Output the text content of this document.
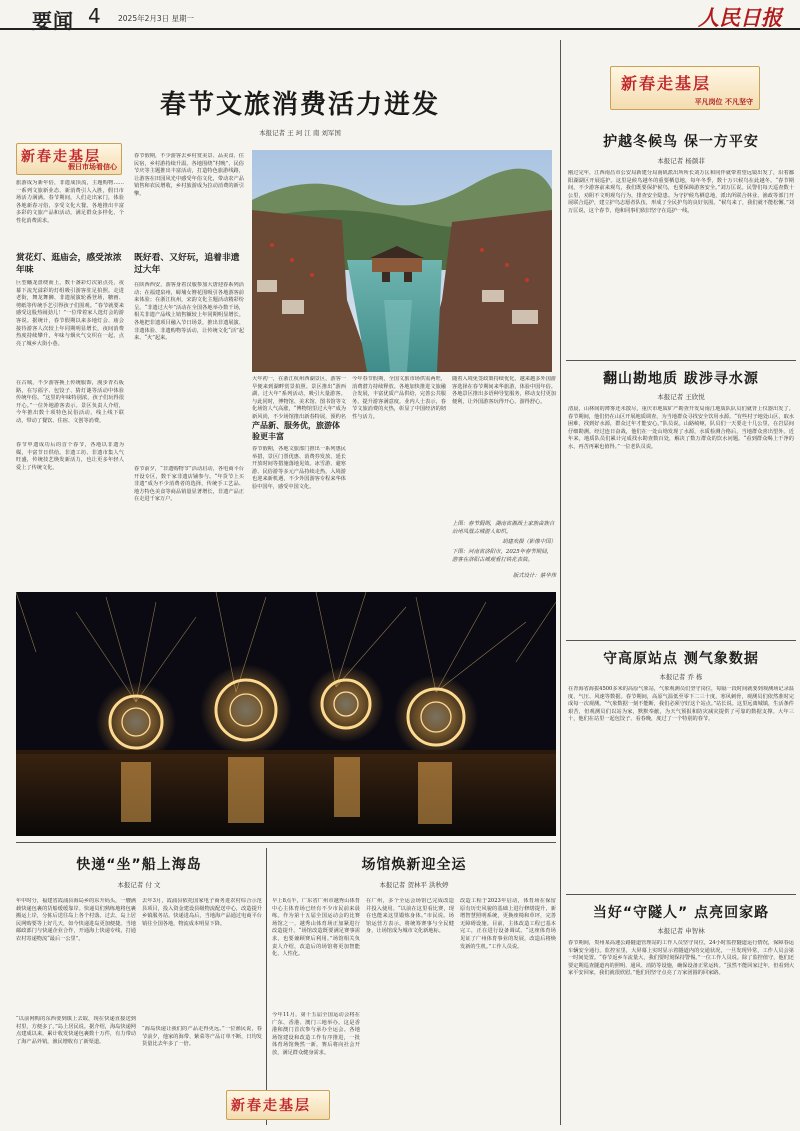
要闻 4 2025年2月3日 星期一	人民日报
春节文旅消费活力迸发
本报记者 王 珂 江 南 刘军国
新春走基层
假日市场看信心
旅游成为新年俗，非遗成顶流，主题购物…… 一系列文旅新业态、新消费引人入胜，假日市场活力满满。春节期间，人们走出家门，体验各地新春习俗，享受文化大餐。各地推出丰富多彩的文旅产品和活动，满足群众多样化、个性化消费需求。
赏花灯、逛庙会，感受浓浓年味
巨型蟠龙盘绕而上，数十盏彩灯次第点亮，夜幕下流光溢彩的灯组吸引游客驻足拍照。走进老街，舞龙舞狮、非遗展演轮番登场，糖画、剪纸等传统手艺引得孩子们围观。“春节就要来感受这股热闹劲儿！”一位带着家人逛灯会的游客说。据统计，春节假期以来多地灯会、庙会接待游客人次较上年同期明显增长，夜间消费热度持续攀升，年味与烟火气交织在一起，点亮了城乡大街小巷。
在古城，不少游客换上传统服饰，漫步青石板路，在写福字、包饺子、猜灯谜等活动中体验传统年俗。“这里的年味特别浓，孩子们玩得很开心。”一位外地游客表示。景区负责人介绍，今年推出数十项特色民俗活动，线上线下联动，带动了餐饮、住宿、文创等消费。
春节申遗成功后的首个春节，各地以非遗为媒，丰富节日供给。非遗工坊、非遗市集人气旺盛，传统技艺焕发新活力，也让更多年轻人爱上了传统文化。
春节假期，不少游客去乡村赏美景、品美食、住民宿，乡村游持续升温。各地围绕“村晚”、民俗节庆等主题推出丰富活动，打造特色旅游线路，让游客在田园风光中感受年俗文化，带动农产品销售和农民增收，乡村旅游成为拉动消费的新引擎。
既好看、又好玩，追着非遗过大年
在陕西西安，游客身着汉服参加大唐迎春系列活动；在福建泉州，蟳埔女簪花围吸引各地游客前来体验；在浙江杭州，宋韵文化主题活动精彩纷呈。“非遗过大年”活动在全国各地举办数千场，相关非遗产品线上销售额较上年同期明显增长。各地把非遗项目融入节日场景，推出非遗展演、非遗体验、非遗购物等活动，让传统文化“活”起来、“火”起来。
春节前夕，“非遗购物节”活动启动，各电商平台开设专区，数千家非遗店铺参与。“年货节上买非遗”成为不少消费者的选择，传统手工艺品、地方特色美食等商品销量显著增长，非遗产品正在走进千家万户。
大年初一，在浙江杭州西湖景区，游客一早便来到湖畔赏景拍照。景区推出“游西湖、过大年”系列活动，吸引大量游客。与此同时，博物馆、美术馆、图书馆等文化场馆人气高涨，“博物馆里过大年”成为新风尚，不少场馆推出新春特展，预约名
产品新、服务优，旅游体验更丰富
春节假期，各地文旅部门推出一系列惠民举措，景区门票优惠、消费券发放、延长开放时间等措施落地见效。冰雪游、避寒游、民俗游等多元产品持续走热，入境游也迎来新机遇，不少外国游客专程来华体验中国年，感受中国文化。
今年春节假期，全国文旅市场供需两旺，消费潜力持续释放。各地加快推进文旅融合发展，丰富优质产品供给，完善公共服务，提升游客满意度。业内人士表示，春节文旅消费的火热，彰显了中国经济的韧性与活力。
随着入境免签政策持续优化，越来越多外国游客选择在春节期间来华旅游，体验中国年俗。各地景区推出多语种导览服务，移动支付更加便利，让外国游客玩得开心、游得舒心。
上图：春节假期，湖南省湘西土家族苗族自治州凤凰古城游人如织。
胡建欢摄（影像中国）
下图：河南省洛阳市，2025年春节期间，游客在洛阳古城观看打铁花表演。
版式设计：蔡华伟
快递“坐”船上海岛
本报记者 付 文
年中时分，福建省霞浦县海岛乡的东升码头，一艘满载快递包裹的货船缓缓靠岸。快递员们熟练地将包裹搬运上岸，分拣后送往岛上各个村落。过去，岛上居民网购要等上好几天，如今快递进岛更加便捷。当地邮政部门与快递企业合作，开通海上快递专线，打通农村寄递物流“最后一公里”。
“以前网购的东西要到镇上去取，现在快递直接送到村里，方便多了。”岛上居民说。据介绍，海岛快递网点建成以来，累计收发快递包裹数十万件，有力带动了海产品外销，渔民增收有了新渠道。
去年3月，霞浦县依托国家电子商务进农村综合示范县项目，投入资金建设县级物流配送中心，改造提升乡镇服务站。快递进岛后，当地海产品通过电商平台销往全国各地，物流成本明显下降。
“海岛快递让我们的产品走得更远。”一位渔民说，春节前夕，他家的海带、紫菜等产品订单不断，日均发货量比去年多了一倍。
新春走基层
场馆焕新迎全运
本报记者 贺林平 洪秋婷
早上8点半，广东省广州市越秀山体育中心主体育场已经有不少市民前来晨练。作为第十五届全国运动会的比赛场馆之一，越秀山体育场正加紧进行改造提升。“场馆改造既要满足赛事需求，也要兼顾赛后利用。”场馆相关负责人介绍，改造后的场馆将更加智能化、人性化。
今年11月，第十五届全国运动会将在广东、香港、澳门三地举办。这是香港和澳门首次参与承办全运会。各地场馆建设和改造工作有序推进，一批体育场馆焕然一新，赛后将向社会开放，满足群众健身需求。
在广州，多个全运会场馆已完成改造并投入使用。“以前在这里看比赛，现在也能来这里锻炼身体。”市民说。场馆运营方表示，将统筹赛事与全民健身，让场馆成为城市文化新地标。
改造工程于2023年启动，体育场在保留原有历史风貌的基础上进行修缮提升，新增智慧照明系统，更换座椅和草坪，完善无障碍设施。目前，主体改造工程已基本完工，正在进行设备调试。“这座体育场见证了广州体育事业的发展，改造后将焕发新的生机。”工作人员说。
新春走基层
平凡岗位 不凡坚守
护越冬候鸟 保一方平安
本报记者 杨颜菲
刚过完年，江西南昌市公安局新建分局南矶派出所所长刘万匡和同伴就带着望远镜出发了，沿着鄱阳湖湖区开展巡护。这里是候鸟越冬的重要栖息地，每年冬季，数十万只候鸟在此越冬。“春节期间，不少游客前来观鸟，我们既要保护候鸟，也要保障游客安全。”刘万匡说。民警们每天巡查数十公里，劝阻不文明观鸟行为，排查安全隐患。为守护候鸟栖息地，派出所联合林业、渔政等部门开展联合巡护，建立护鸟志愿者队伍，形成了全民护鸟的良好氛围。“候鸟来了，我们就不能松懈。”刘万匡说，这个春节，他和同事们依旧坚守在巡护一线。
翻山勘地质 跋涉寻水源
本报记者 王欣悦
清晨，山林间的薄雾还未散尽，重庆市地质矿产勘查开发局南江地质队队员们就背上仪器出发了。春节期间，他们仍在山区开展地质调查，为当地群众寻找安全饮用水源。“有些村子地处山区，取水困难，找到好水源，群众过年才能安心。”队员说。山路崎岖，队员们一天要走十几公里，在岩层间仔细勘测。经过连日奋战，他们在一处山坳发现了水源，水质检测合格后，当地群众喜出望外。近年来，地质队员们累计完成找水勘查数百处，解决了数万群众的饮水问题。“看到群众喝上干净的水，再苦再累也值得。”一位老队员说。
守高原站点 测气象数据
本报记者 乔 栋
在青海省海拔4500多米的高原气象站，气象观测员们坚守岗位，每隔一段时间就要到观测场记录温度、气压、风速等数据。春节期间，高原气温低至零下二三十度，寒风刺骨，观测员们依然准时完成每一次观测。“气象数据一刻不能断，我们必须守好这个站点。”站长说。这里远离城镇，生活条件艰苦，但观测员们以站为家，默默奉献，为天气预报和防灾减灾提供了可靠的数据支撑。大年三十，他们在站里一起包饺子、看春晚，度过了一个特别的春节。
当好“守隧人” 点亮回家路
本报记者 申智林
春节期间，贵州某高速公路隧道管理站的工作人员坚守岗位，24小时监控隧道运行情况，保障春运车辆安全通行。监控室里，大屏幕上实时显示着隧道内的交通状况，一旦发现异常，工作人员会第一时间处置。“春节返乡车流量大，我们要时刻保持警惕。”一位工作人员说。除了监控值守，他们还要定期巡查隧道内的照明、通风、消防等设施，确保设备正常运转。“虽然不能回家过年，但看到大家平安回家，我们就很欣慰。”他们用坚守点亮了万家团圆的回家路。
